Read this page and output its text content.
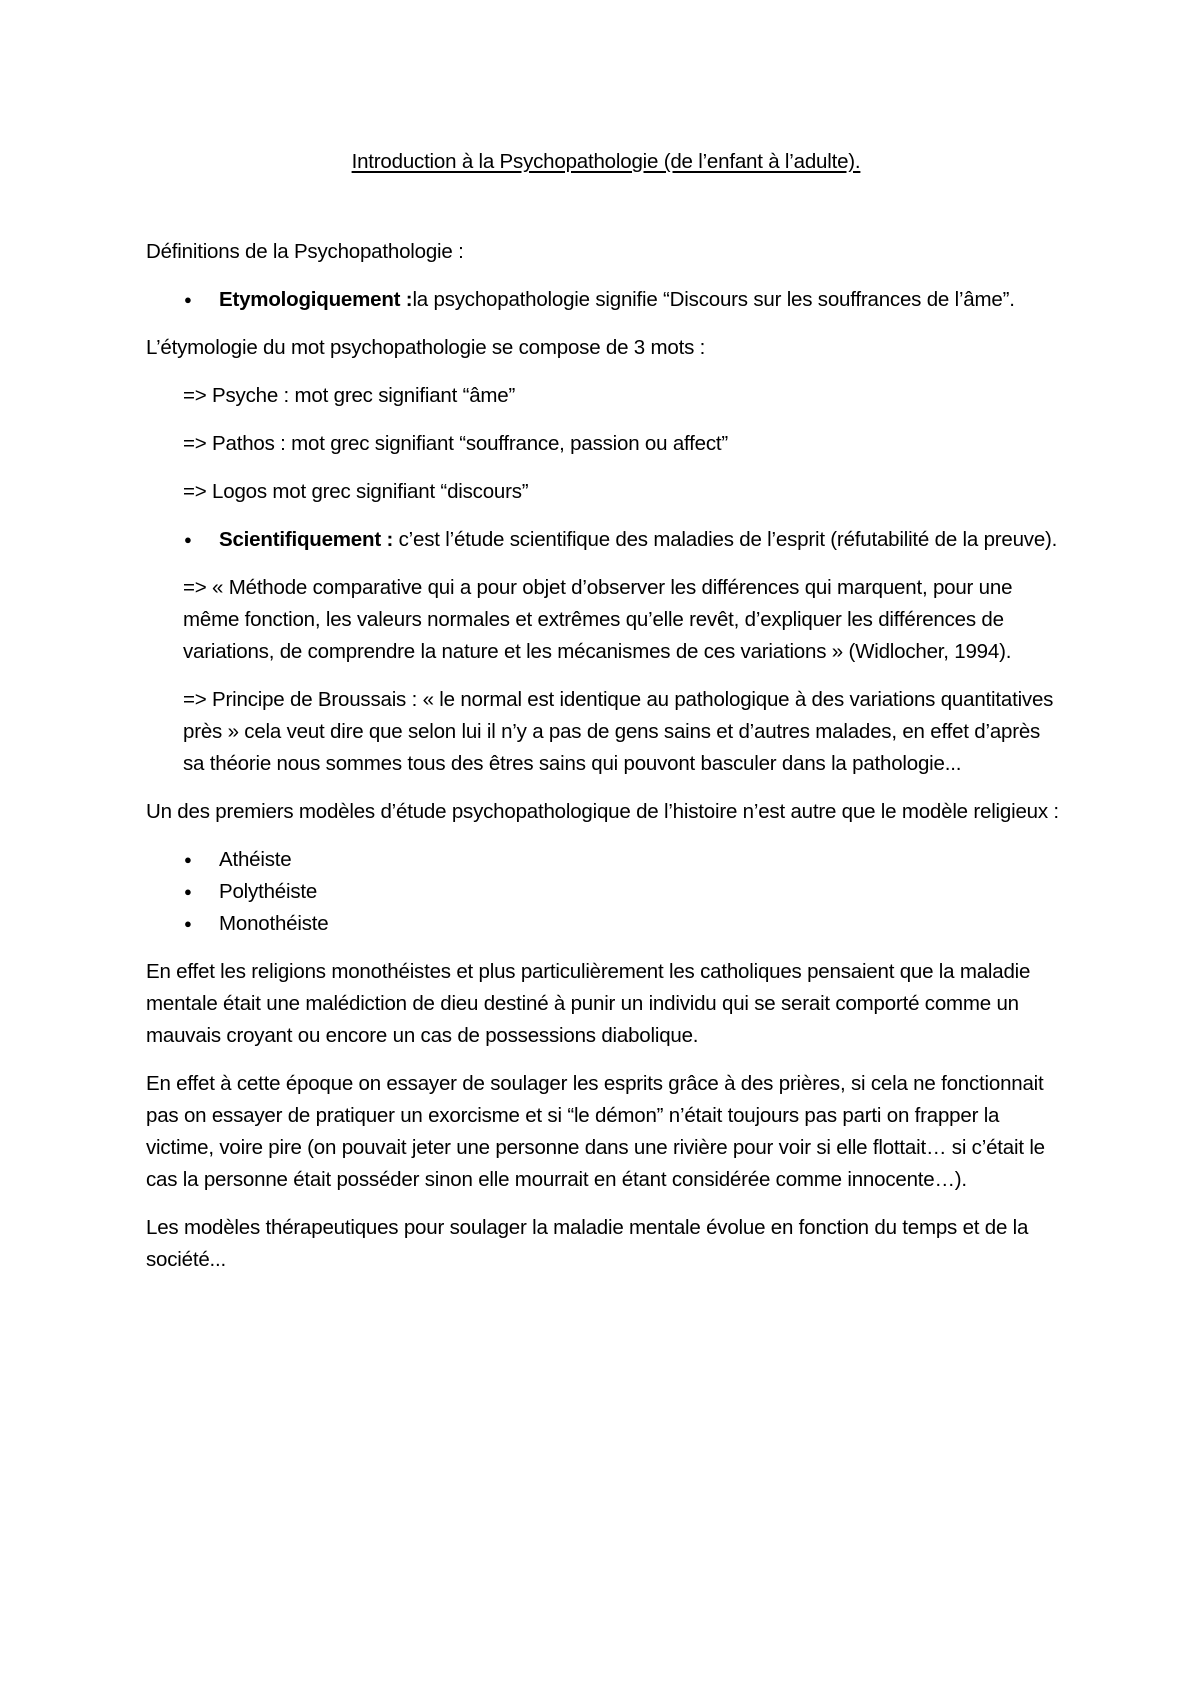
Introduction à la Psychopathologie (de l’enfant à l’adulte).

Définitions de la Psychopathologie :

● Etymologiquement :la psychopathologie signifie “Discours sur les souffrances de l’âme”.

L’étymologie du mot psychopathologie se compose de 3 mots :

=> Psyche : mot grec signifiant “âme”

=> Pathos : mot grec signifiant “souffrance, passion ou affect”

=> Logos mot grec signifiant “discours”

● Scientifiquement : c’est l’étude scientifique des maladies de l’esprit (réfutabilité de la preuve).

=> « Méthode comparative qui a pour objet d’observer les différences qui marquent, pour une même fonction, les valeurs normales et extrêmes qu’elle revêt, d’expliquer les différences de variations, de comprendre la nature et les mécanismes de ces variations » (Widlocher, 1994).

=> Principe de Broussais : « le normal est identique au pathologique à des variations quantitatives près » cela veut dire que selon lui il n’y a pas de gens sains et d’autres malades, en effet d’après sa théorie nous sommes tous des êtres sains qui pouvont basculer dans la pathologie...

Un des premiers modèles d’étude psychopathologique de l’histoire n’est autre que le modèle religieux :

● Athéiste
● Polythéiste
● Monothéiste

En effet les religions monothéistes et plus particulièrement les catholiques pensaient que la maladie mentale était une malédiction de dieu destiné à punir un individu qui se serait comporté comme un mauvais croyant ou encore un cas de possessions diabolique.

En effet à cette époque on essayer de soulager les esprits grâce à des prières, si cela ne fonctionnait pas on essayer de pratiquer un exorcisme et si “le démon” n’était toujours pas parti on frapper la victime, voire pire (on pouvait jeter une personne dans une rivière pour voir si elle flottait… si c’était le cas la personne était posséder sinon elle mourrait en étant considérée comme innocente…).

Les modèles thérapeutiques pour soulager la maladie mentale évolue en fonction du temps et de la société...
